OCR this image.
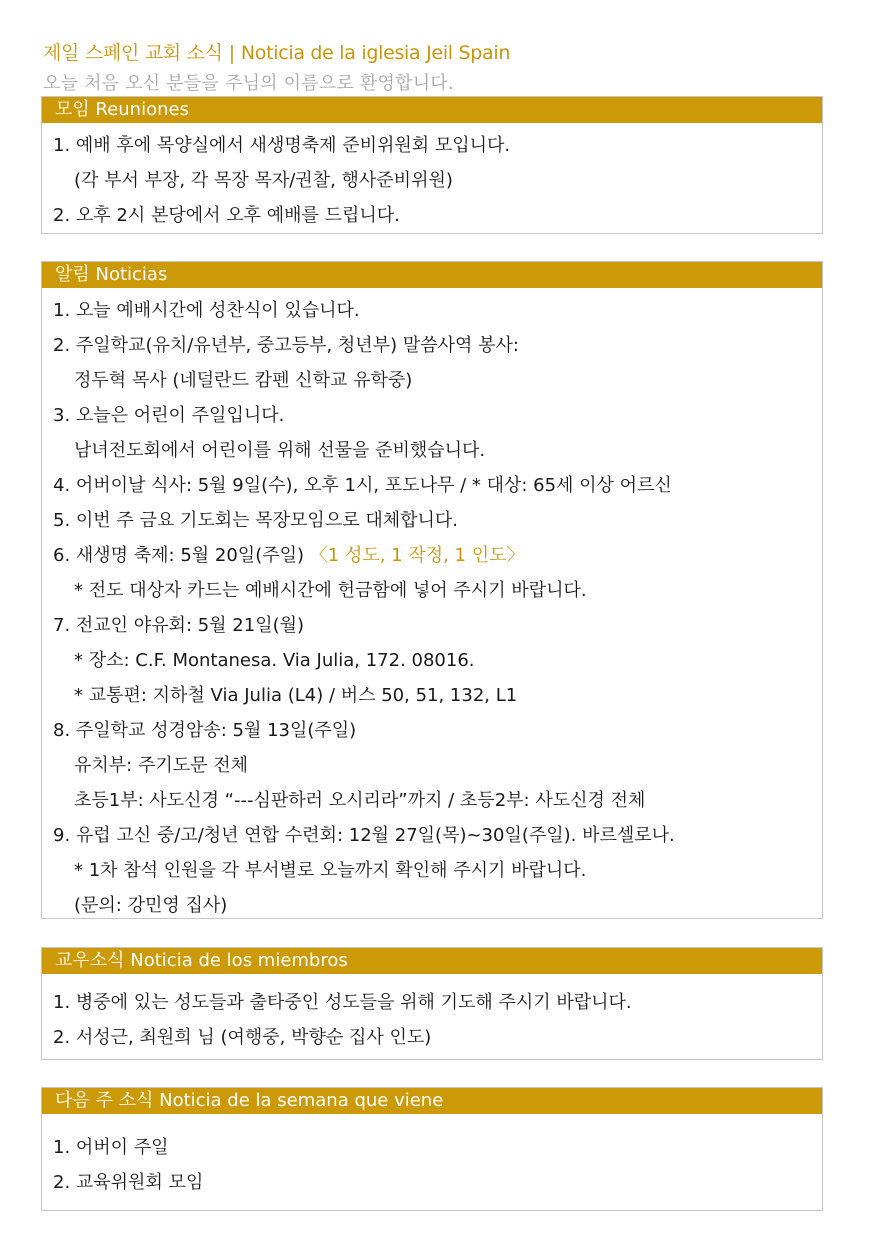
제일 스페인 교회 소식 | Noticia de la iglesia Jeil Spain
오늘 처음 오신 분들을 주님의 이름으로 환영합니다.
모임 Reuniones
1. 예배 후에 목양실에서 새생명축제 준비위원회 모입니다.
(각 부서 부장, 각 목장 목자/권찰, 행사준비위원)
2. 오후 2시 본당에서 오후 예배를 드립니다.
알림 Noticias
1. 오늘 예배시간에 성찬식이 있습니다.
2. 주일학교(유치/유년부, 중고등부, 청년부) 말씀사역 봉사:
정두혁 목사 (네덜란드 캄펜 신학교 유학중)
3. 오늘은 어린이 주일입니다.
남녀전도회에서 어린이를 위해 선물을 준비했습니다.
4. 어버이날 식사: 5월 9일(수), 오후 1시, 포도나무 / * 대상: 65세 이상 어르신
5. 이번 주 금요 기도회는 목장모임으로 대체합니다.
6. 새생명 축제: 5월 20일(주일) 〈1 성도, 1 작정, 1 인도〉
* 전도 대상자 카드는 예배시간에 헌금함에 넣어 주시기 바랍니다.
7. 전교인 야유회: 5월 21일(월)
* 장소: C.F. Montanesa. Via Julia, 172. 08016.
* 교통편: 지하철 Via Julia (L4) / 버스 50, 51, 132, L1
8. 주일학교 성경암송: 5월 13일(주일)
유치부: 주기도문 전체
초등1부: 사도신경 “---심판하러 오시리라”까지 / 초등2부: 사도신경 전체
9. 유럽 고신 중/고/청년 연합 수련회: 12월 27일(목)~30일(주일). 바르셀로나.
* 1차 참석 인원을 각 부서별로 오늘까지 확인해 주시기 바랍니다.
(문의: 강민영 집사)
교우소식 Noticia de los miembros
1. 병중에 있는 성도들과 출타중인 성도들을 위해 기도해 주시기 바랍니다.
2. 서성근, 최원희 님 (여행중, 박향순 집사 인도)
다음 주 소식 Noticia de la semana que viene
1. 어버이 주일
2. 교육위원회 모임
